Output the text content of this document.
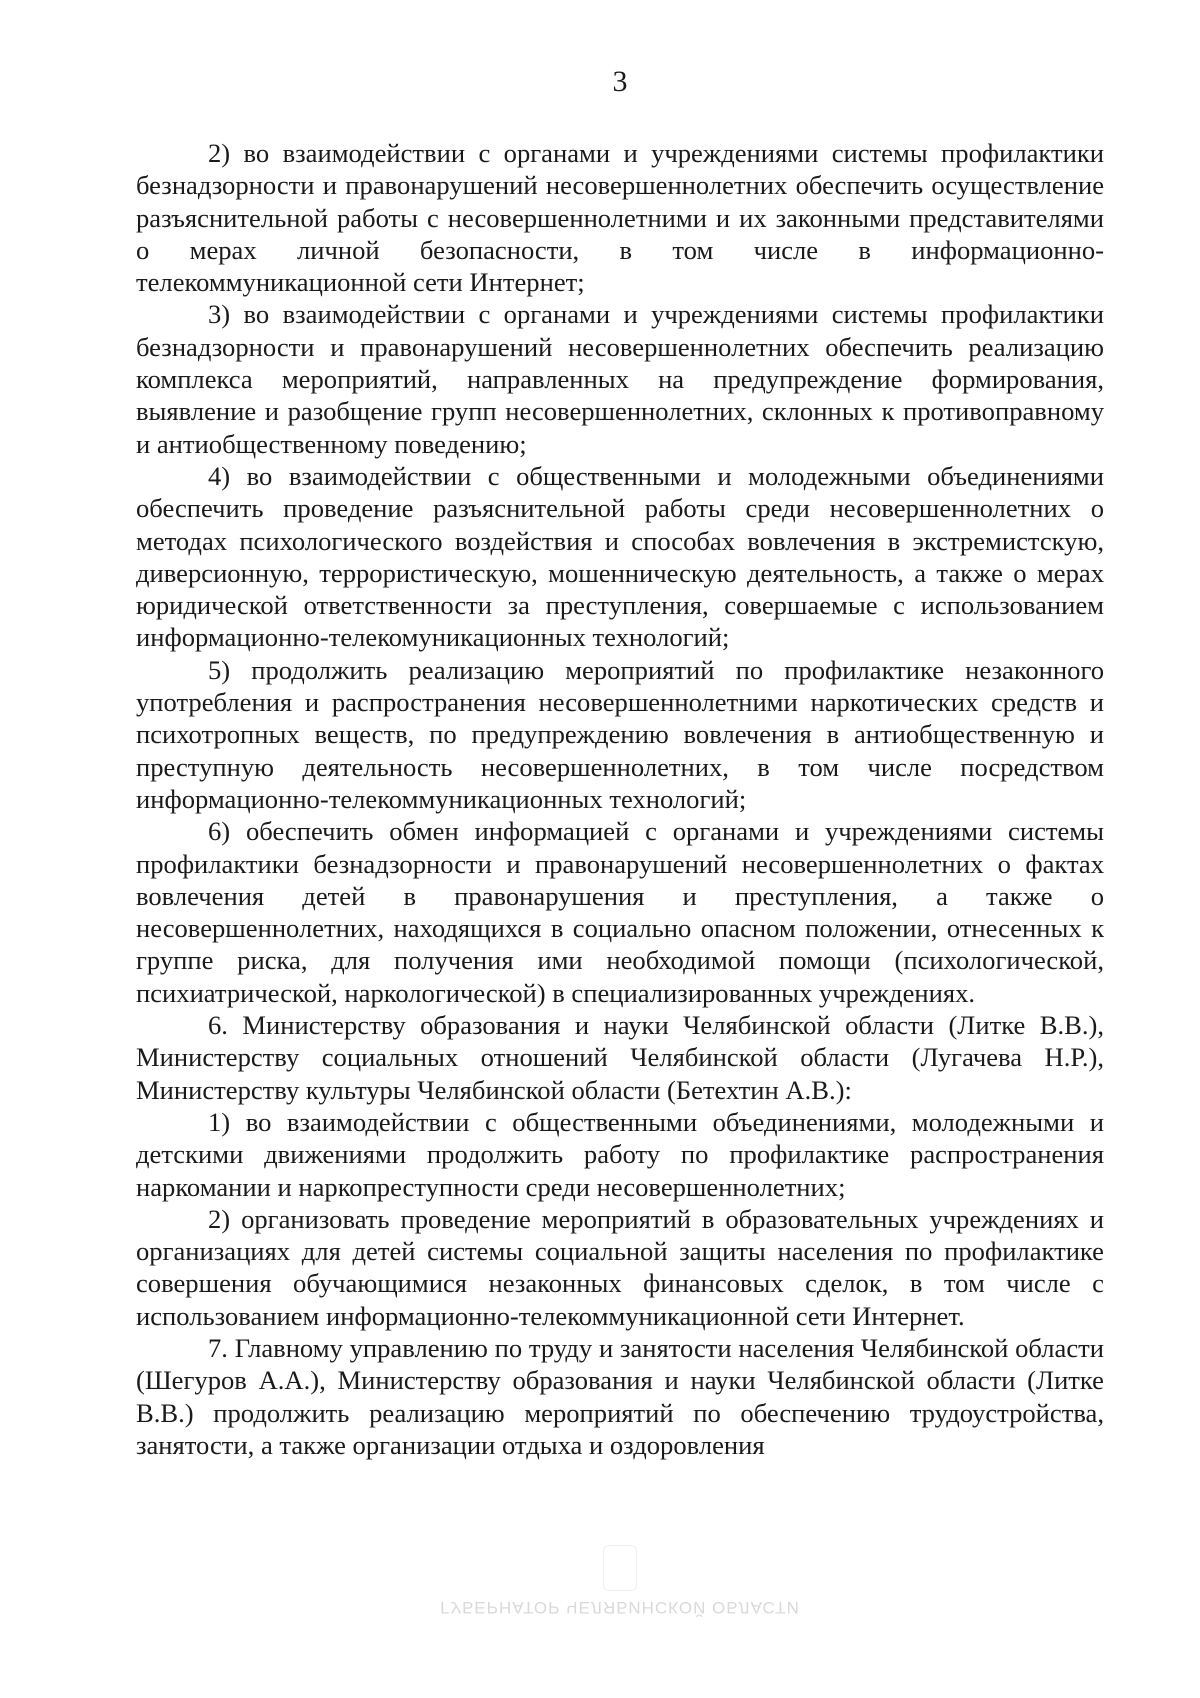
3

2) во взаимодействии с органами и учреждениями системы профилактики безнадзорности и правонарушений несовершеннолетних обеспечить осуществление разъяснительной работы с несовершеннолетними и их законными представителями о мерах личной безопасности, в том числе в информационно-телекоммуникационной сети Интернет;

3) во взаимодействии с органами и учреждениями системы профилактики безнадзорности и правонарушений несовершеннолетних обеспечить реализацию комплекса мероприятий, направленных на предупреждение формирования, выявление и разобщение групп несовершеннолетних, склонных к противоправному и антиобщественному поведению;

4) во взаимодействии с общественными и молодежными объединениями обеспечить проведение разъяснительной работы среди несовершеннолетних о методах психологического воздействия и способах вовлечения в экстремистскую, диверсионную, террористическую, мошенническую деятельность, а также о мерах юридической ответственности за преступления, совершаемые с использованием информационно-телекомуникационных технологий;

5) продолжить реализацию мероприятий по профилактике незаконного употребления и распространения несовершеннолетними наркотических средств и психотропных веществ, по предупреждению вовлечения в антиобщественную и преступную деятельность несовершеннолетних, в том числе посредством информационно-телекоммуникационных технологий;

6) обеспечить обмен информацией с органами и учреждениями системы профилактики безнадзорности и правонарушений несовершеннолетних о фактах вовлечения детей в правонарушения и преступления, а также о несовершеннолетних, находящихся в социально опасном положении, отнесенных к группе риска, для получения ими необходимой помощи (психологической, психиатрической, наркологической) в специализированных учреждениях.

6. Министерству образования и науки Челябинской области (Литке В.В.), Министерству социальных отношений Челябинской области (Лугачева Н.Р.), Министерству культуры Челябинской области (Бетехтин А.В.):

1) во взаимодействии с общественными объединениями, молодежными и детскими движениями продолжить работу по профилактике распространения наркомании и наркопреступности среди несовершеннолетних;

2) организовать проведение мероприятий в образовательных учреждениях и организациях для детей системы социальной защиты населения по профилактике совершения обучающимися незаконных финансовых сделок, в том числе с использованием информационно-телекоммуникационной сети Интернет.

7. Главному управлению по труду и занятости населения Челябинской области (Шегуров А.А.), Министерству образования и науки Челябинской области (Литке В.В.) продолжить реализацию мероприятий по обеспечению трудоустройства, занятости, а также организации отдыха и оздоровления

ГУБЕРНАТОР ЧЕЛЯБИНСКОЙ ОБЛАСТИ
